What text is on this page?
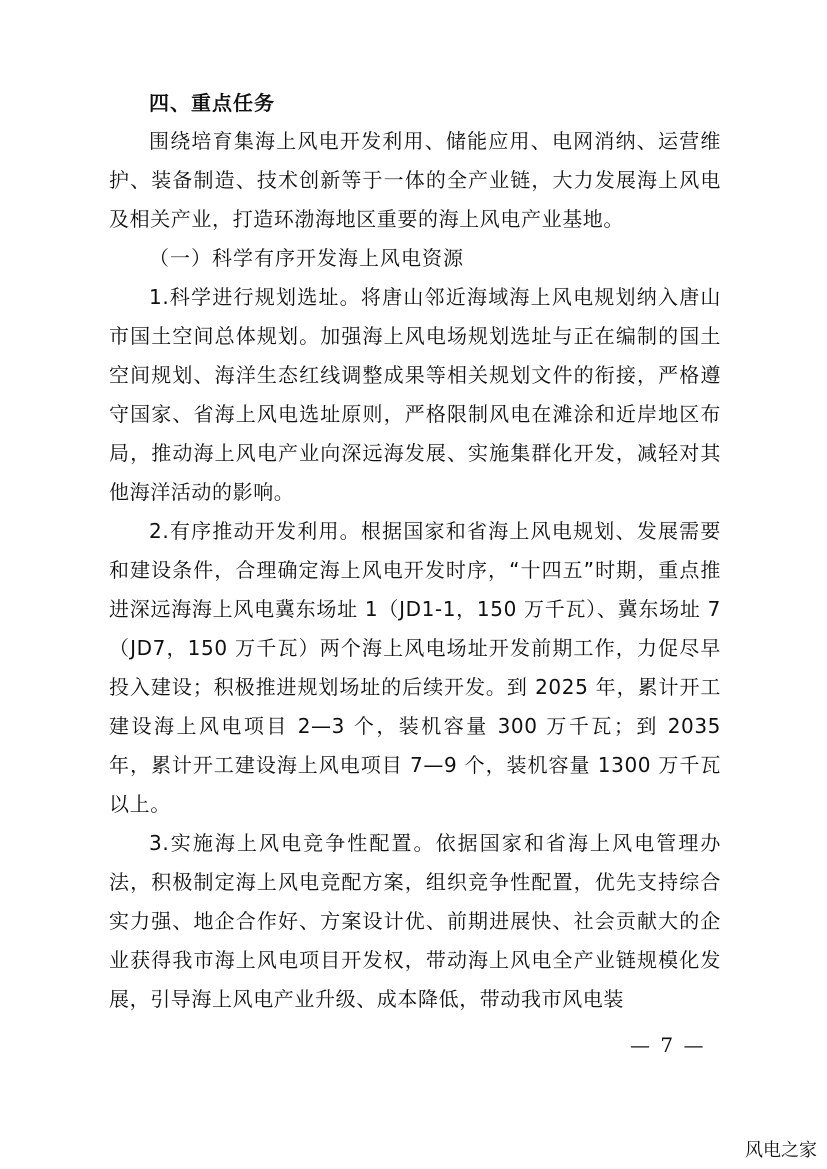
四、重点任务

围绕培育集海上风电开发利用、储能应用、电网消纳、运营维护、装备制造、技术创新等于一体的全产业链，大力发展海上风电及相关产业，打造环渤海地区重要的海上风电产业基地。

（一）科学有序开发海上风电资源

1.科学进行规划选址。将唐山邻近海域海上风电规划纳入唐山市国土空间总体规划。加强海上风电场规划选址与正在编制的国土空间规划、海洋生态红线调整成果等相关规划文件的衔接，严格遵守国家、省海上风电选址原则，严格限制风电在滩涂和近岸地区布局，推动海上风电产业向深远海发展、实施集群化开发，减轻对其他海洋活动的影响。

2.有序推动开发利用。根据国家和省海上风电规划、发展需要和建设条件，合理确定海上风电开发时序，“十四五”时期，重点推进深远海海上风电冀东场址 1（JD1-1，150 万千瓦）、冀东场址 7（JD7，150 万千瓦）两个海上风电场址开发前期工作，力促尽早投入建设；积极推进规划场址的后续开发。到 2025 年，累计开工建设海上风电项目 2—3 个，装机容量 300 万千瓦；到 2035 年，累计开工建设海上风电项目 7—9 个，装机容量 1300 万千瓦以上。

3.实施海上风电竞争性配置。依据国家和省海上风电管理办法，积极制定海上风电竞配方案，组织竞争性配置，优先支持综合实力强、地企合作好、方案设计优、前期进展快、社会贡献大的企业获得我市海上风电项目开发权，带动海上风电全产业链规模化发展，引导海上风电产业升级、成本降低，带动我市风电装

— 7 —
风电之家
